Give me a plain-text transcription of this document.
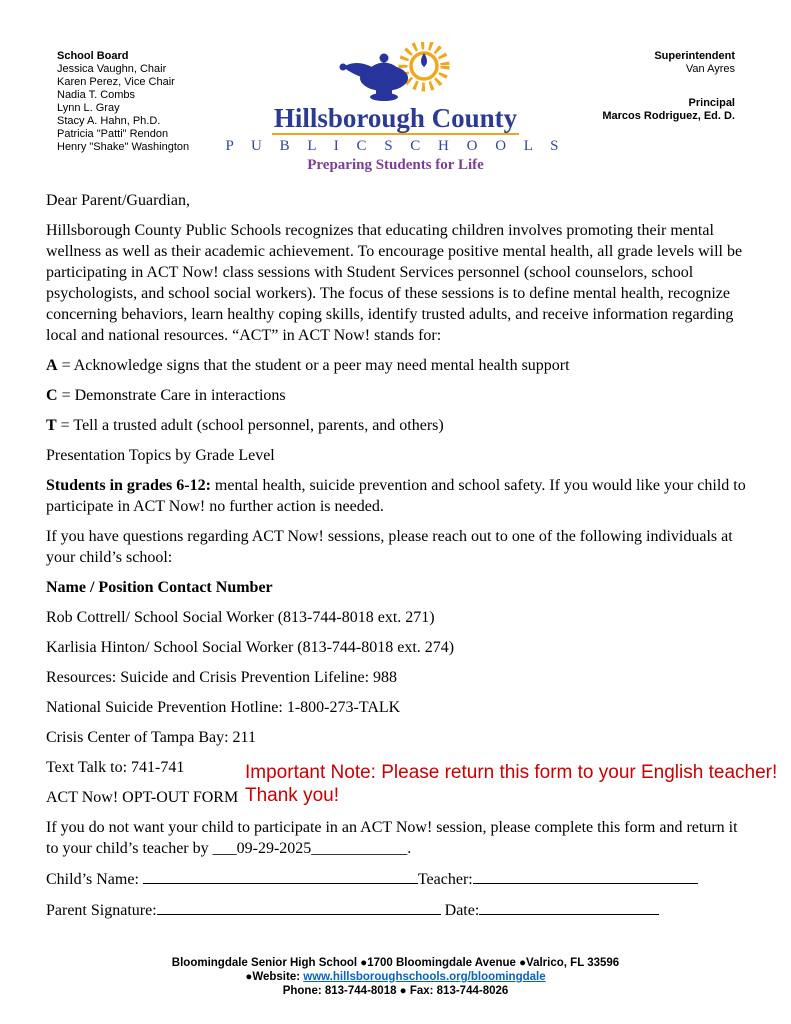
School Board
Jessica Vaughn, Chair
Karen Perez, Vice Chair
Nadia T. Combs
Lynn L. Gray
Stacy A. Hahn, Ph.D.
Patricia "Patti" Rendon
Henry "Shake" Washington
Hillsborough County
P U B L I C S C H O O L S
Preparing Students for Life
Superintendent
Van Ayres
Principal
Marcos Rodriguez, Ed. D.

Dear Parent/Guardian,

Hillsborough County Public Schools recognizes that educating children involves promoting their mental wellness as well as their academic achievement. To encourage positive mental health, all grade levels will be participating in ACT Now! class sessions with Student Services personnel (school counselors, school psychologists, and school social workers). The focus of these sessions is to define mental health, recognize concerning behaviors, learn healthy coping skills, identify trusted adults, and receive information regarding local and national resources. “ACT” in ACT Now! stands for:

A = Acknowledge signs that the student or a peer may need mental health support

C = Demonstrate Care in interactions

T = Tell a trusted adult (school personnel, parents, and others)

Presentation Topics by Grade Level

Students in grades 6-12: mental health, suicide prevention and school safety. If you would like your child to participate in ACT Now! no further action is needed.

If you have questions regarding ACT Now! sessions, please reach out to one of the following individuals at your child’s school:

Name / Position Contact Number

Rob Cottrell/ School Social Worker (813-744-8018 ext. 271)

Karlisia Hinton/ School Social Worker (813-744-8018 ext. 274)

Resources: Suicide and Crisis Prevention Lifeline: 988

National Suicide Prevention Hotline: 1-800-273-TALK

Crisis Center of Tampa Bay: 211

Text Talk to: 741-741

ACT Now! OPT-OUT FORM

If you do not want your child to participate in an ACT Now! session, please complete this form and return it to your child’s teacher by ___09-29-2025____________.

Child’s Name:	Teacher:

Parent Signature:	Date:

Important Note: Please return this form to your English teacher!
Thank you!
Bloomingdale Senior High School ●1700 Bloomingdale Avenue ●Valrico, FL 33596
●Website: www.hillsboroughschools.org/bloomingdale
Phone: 813-744-8018 ● Fax: 813-744-8026
